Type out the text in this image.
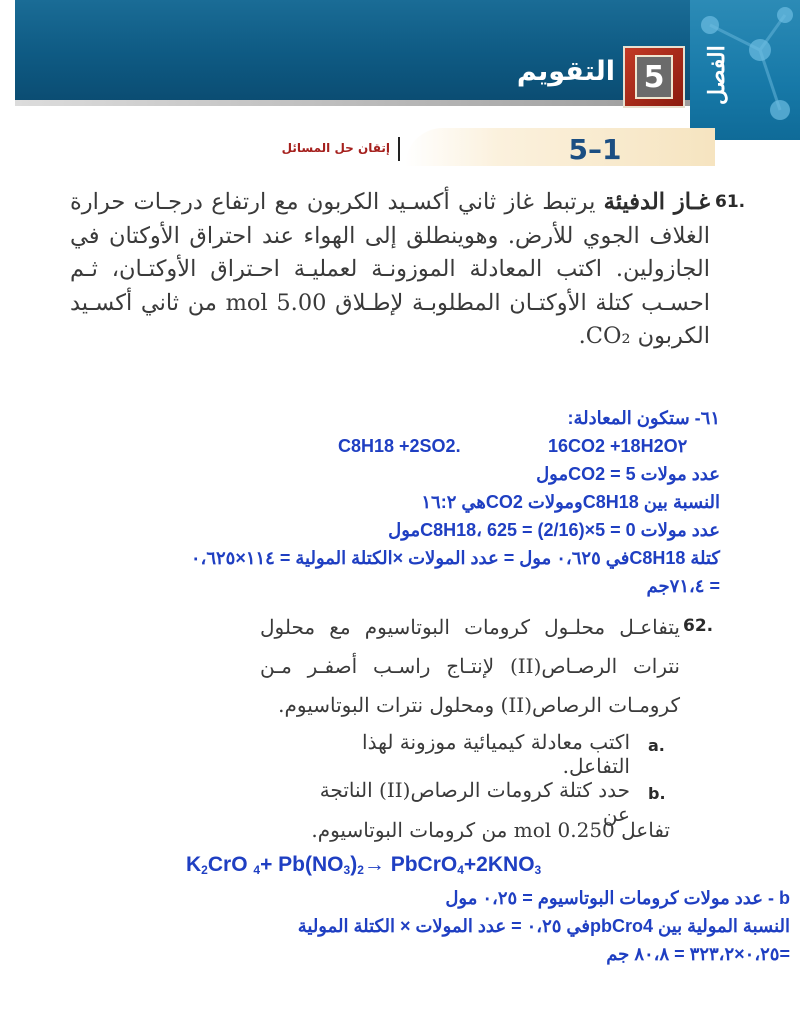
الفصل
5
التقويم
5–1
إتقان حل المسائل
61.
غـاز الدفيئة يرتبط غاز ثاني أكسـيد الكربون مع ارتفاع درجـات حرارة الغلاف الجوي للأرض. وهوينطلق إلى الهواء عند احتراق الأوكتان في الجازولين. اكتب المعادلة الموزونـة لعمليـة احـتراق الأوكتـان، ثـم احسـب كتلة الأوكتـان المطلوبـة لإطـلاق 5.00 mol من ثاني أكسـيد الكربون CO₂.
٦١- ستكون المعادلة:
C8H18 +2SO2.	16CO2 +18H2O٢
عدد مولات 5 = CO2مول
النسبة بين C8H18ومولات CO2هي ١٦:٢
عدد مولات 0 = 5×(2/16) = C8H18، 625مول
كتلة C8H18في ٠،٦٢٥ مول = عدد المولات ×الكتلة المولية = ١١٤×٠،٦٢٥
= ٧١،٤جم
62.
يتفاعـل محلـول كرومات البوتاسيوم مع محلول نترات الرصـاص(II) لإنتـاج راسـب أصفـر مـن كرومـات الرصاص(II) ومحلول نترات البوتاسيوم.
a.
اكتب معادلة كيميائية موزونة لهذا التفاعل.
b.
حدد كتلة كرومات الرصاص(II) الناتجة عن
تفاعل 0.250 mol من كرومات البوتاسيوم.
$K_2CrO$ $_4+ Pb(NO_3)_2\to$ $PbCrO_4+2KNO_3$
b - عدد مولات كرومات البوتاسيوم = ٠،٢٥ مول
النسبة المولية بين pbCro4في ٠،٢٥ = عدد المولات × الكتلة المولية
=٠،٢٥×٣٢٣،٢ = ٨٠،٨ جم
